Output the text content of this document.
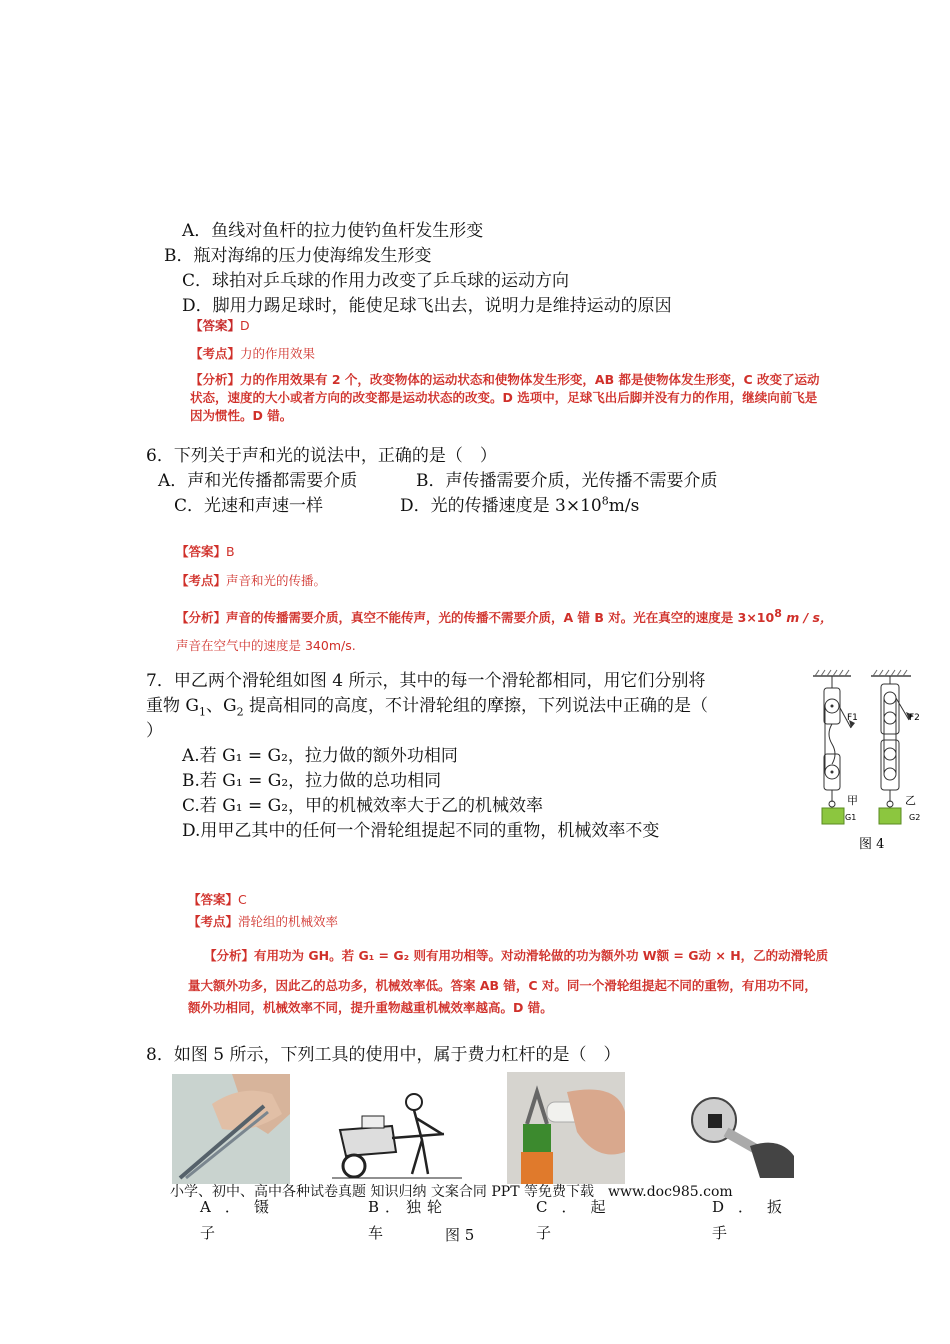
A．鱼线对鱼杆的拉力使钓鱼杆发生形变
B．瓶对海绵的压力使海绵发生形变
C．球拍对乒乓球的作用力改变了乒乓球的运动方向
D．脚用力踢足球时，能使足球飞出去，说明力是维持运动的原因
【答案】D
【考点】力的作用效果
【分析】力的作用效果有 2 个，改变物体的运动状态和使物体发生形变，AB 都是使物体发生形变，C 改变了运动
状态，速度的大小或者方向的改变都是运动状态的改变。D 选项中，足球飞出后脚并没有力的作用，继续向前飞是
因为惯性。D 错。
6．下列关于声和光的说法中，正确的是（　）
A．声和光传播都需要介质	B．声传播需要介质，光传播不需要介质
C．光速和声速一样	D．光的传播速度是 $3\times 10^8m/s$
【答案】B
【考点】声音和光的传播。
【分析】声音的传播需要介质，真空不能传声，光的传播不需要介质，A 错 B 对。光在真空的速度是 $3\times 10^8$ m / s，
声音在空气中的速度是 340m/s.
7．甲乙两个滑轮组如图 4 所示，其中的每一个滑轮都相同，用它们分别将
重物 $G_1$、$G_2$ 提高相同的高度，不计滑轮组的摩擦，下列说法中正确的是（
）
A.若 G₁ = G₂，拉力做的额外功相同
B.若 G₁ = G₂，拉力做的总功相同
C.若 G₁ = G₂，甲的机械效率大于乙的机械效率
D.用甲乙其中的任何一个滑轮组提起不同的重物，机械效率不变
F1
G1
甲
F2
G2
乙
图 4
【答案】C
【考点】滑轮组的机械效率
【分析】有用功为 GH。若 G₁ = G₂ 则有用功相等。对动滑轮做的功为额外功 W额 = G动 × H，乙的动滑轮质
量大额外功多，因此乙的总功多，机械效率低。答案 AB 错，C 对。同一个滑轮组提起不同的重物，有用功不同，
额外功相同，机械效率不同，提升重物越重机械效率越高。D 错。
8．如图 5 所示，下列工具的使用中，属于费力杠杆的是（　）
小学、初中、高中各种试卷真题 知识归纳 文案合同 PPT 等免费下载　www.doc985.com
A．镊
子
B．独轮
车	图 5
C．起
子
D．扳
手
